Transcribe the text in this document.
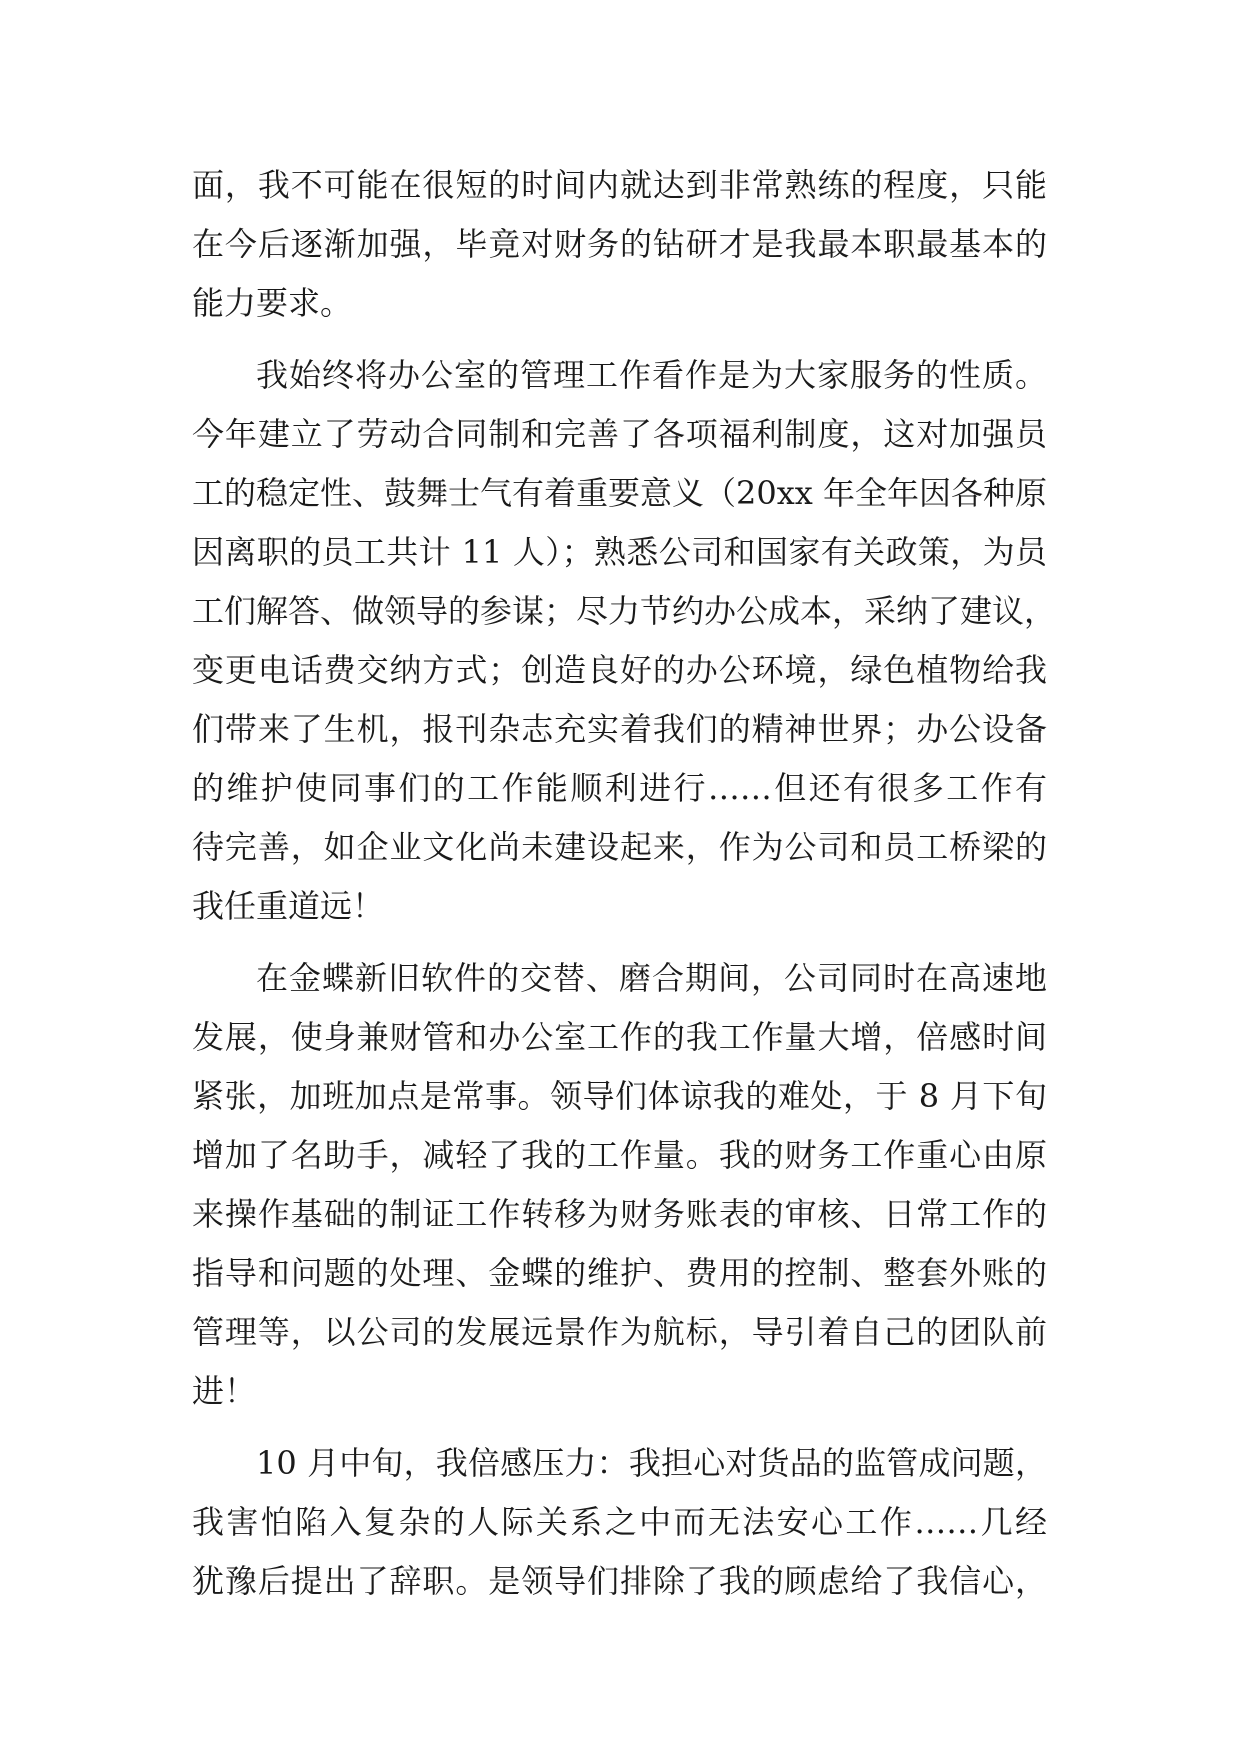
面，我不可能在很短的时间内就达到非常熟练的程度，只能
在今后逐渐加强，毕竟对财务的钻研才是我最本职最基本的
能力要求。
我始终将办公室的管理工作看作是为大家服务的性质。
今年建立了劳动合同制和完善了各项福利制度，这对加强员
工的稳定性、鼓舞士气有着重要意义（20xx 年全年因各种原
因离职的员工共计 11 人）；熟悉公司和国家有关政策，为员
工们解答、做领导的参谋；尽力节约办公成本，采纳了建议，
变更电话费交纳方式；创造良好的办公环境，绿色植物给我
们带来了生机，报刊杂志充实着我们的精神世界；办公设备
的维护使同事们的工作能顺利进行……但还有很多工作有
待完善，如企业文化尚未建设起来，作为公司和员工桥梁的
我任重道远！
在金蝶新旧软件的交替、磨合期间，公司同时在高速地
发展，使身兼财管和办公室工作的我工作量大增，倍感时间
紧张，加班加点是常事。领导们体谅我的难处，于 8 月下旬
增加了名助手，减轻了我的工作量。我的财务工作重心由原
来操作基础的制证工作转移为财务账表的审核、日常工作的
指导和问题的处理、金蝶的维护、费用的控制、整套外账的
管理等，以公司的发展远景作为航标，导引着自己的团队前
进！
10 月中旬，我倍感压力：我担心对货品的监管成问题，
我害怕陷入复杂的人际关系之中而无法安心工作……几经
犹豫后提出了辞职。是领导们排除了我的顾虑给了我信心，
